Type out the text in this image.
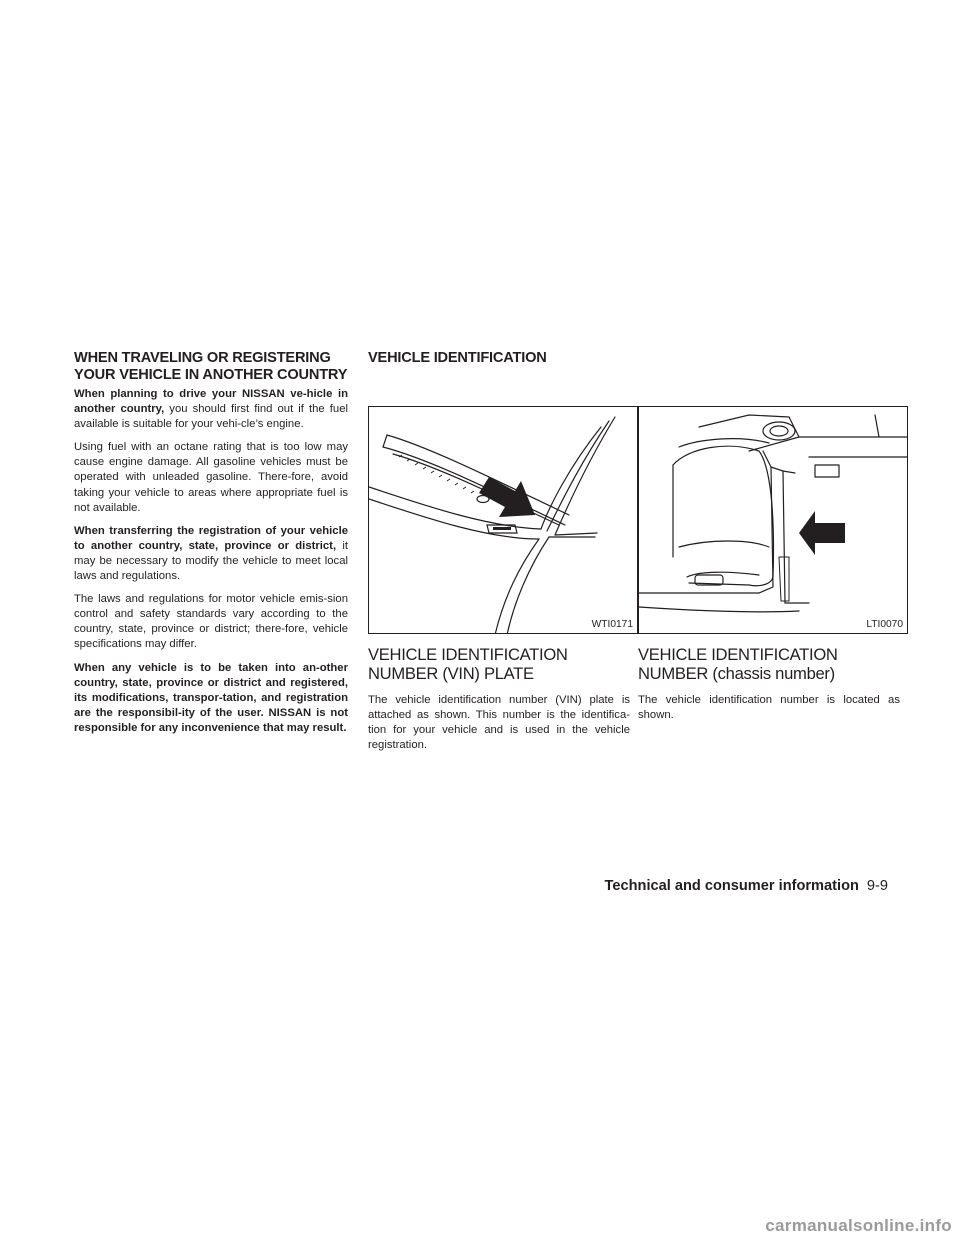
WHEN TRAVELING OR REGISTERING YOUR VEHICLE IN ANOTHER COUNTRY

When planning to drive your NISSAN ve-hicle in another country, you should first find out if the fuel available is suitable for your vehi-cle’s engine.

Using fuel with an octane rating that is too low may cause engine damage. All gasoline vehicles must be operated with unleaded gasoline. There-fore, avoid taking your vehicle to areas where appropriate fuel is not available.

When transferring the registration of your vehicle to another country, state, province or district, it may be necessary to modify the vehicle to meet local laws and regulations.

The laws and regulations for motor vehicle emis-sion control and safety standards vary according to the country, state, province or district; there-fore, vehicle specifications may differ.

When any vehicle is to be taken into an-other country, state, province or district and registered, its modifications, transpor-tation, and registration are the responsibil-ity of the user. NISSAN is not responsible for any inconvenience that may result.

VEHICLE IDENTIFICATION
WTI0171	LTI0070
VEHICLE IDENTIFICATION NUMBER (VIN) PLATE

The vehicle identification number (VIN) plate is attached as shown. This number is the identifica-tion for your vehicle and is used in the vehicle registration.

VEHICLE IDENTIFICATION NUMBER (chassis number)

The vehicle identification number is located as shown.

Technical and consumer information 9-9
carmanualsonline.info
